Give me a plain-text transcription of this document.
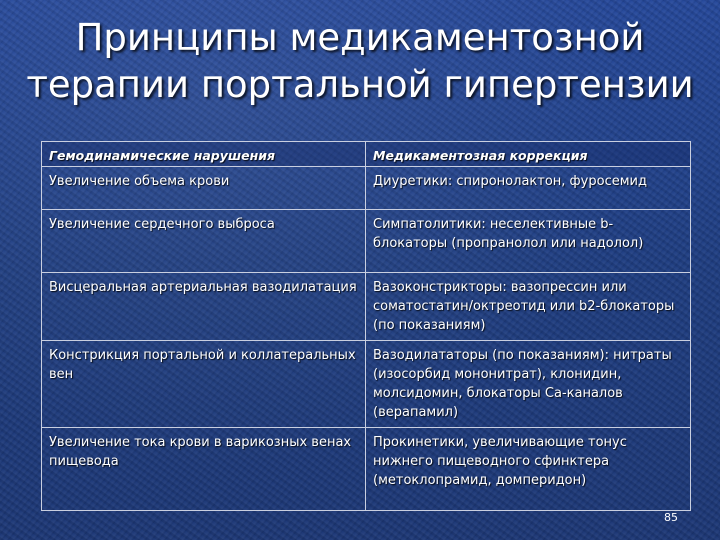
Принципы медикаментозной терапии портальной гипертензии
Гемодинамические нарушения	Медикаментозная коррекция
Увеличение объема крови	Диуретики: спиронолактон, фуросемид
Увеличение сердечного выброса	Симпатолитики: неселективные b-блокаторы (пропранолол или надолол)
Висцеральная артериальная вазодилатация	Вазоконстрикторы: вазопрессин или соматостатин/октреотид или b2-блокаторы (по показаниям)
Констрикция портальной и коллатеральных вен	Вазодилататоры (по показаниям): нитраты (изосорбид мононитрат), клонидин, молсидомин, блокаторы Са-каналов (верапамил)
Увеличение тока крови в варикозных венах пищевода	Прокинетики, увеличивающие тонус нижнего пищеводного сфинктера (метоклопрамид, домперидон)
85
